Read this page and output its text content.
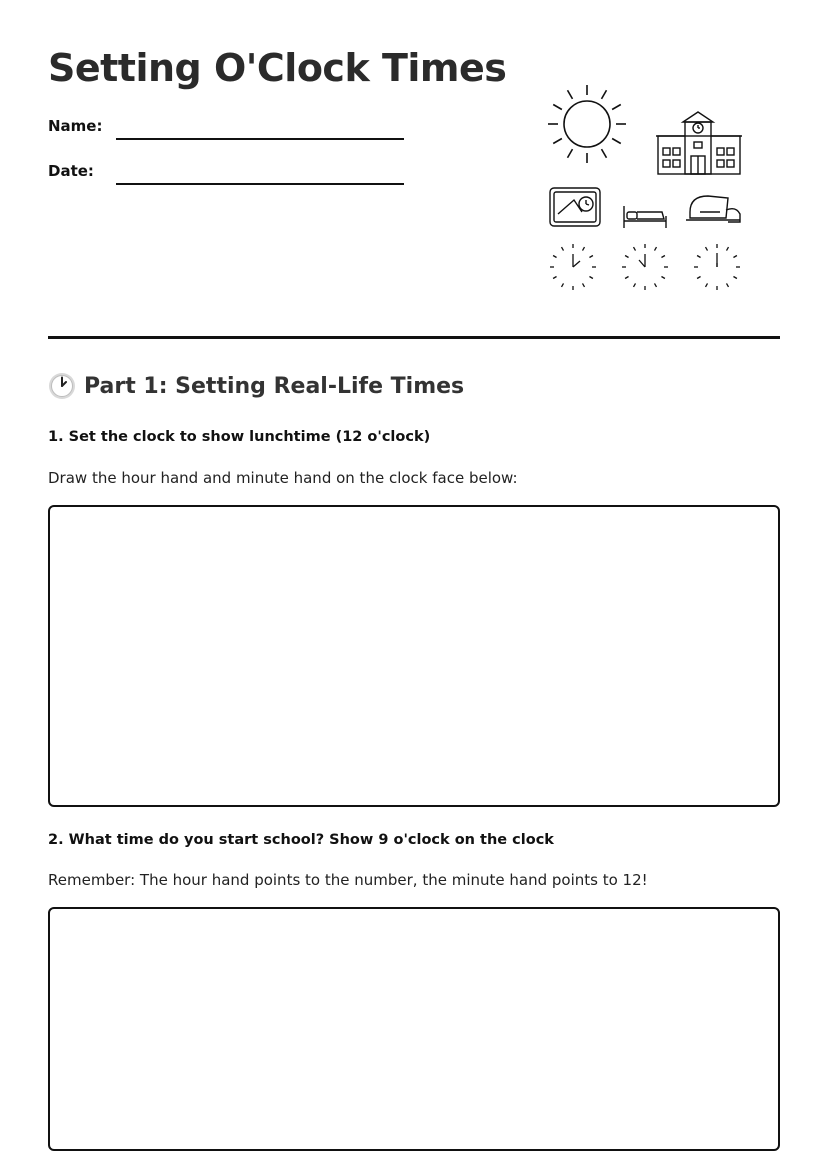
Setting O'Clock Times
Name:
Date:
Part 1: Setting Real-Life Times

1. Set the clock to show lunchtime (12 o'clock)

Draw the hour hand and minute hand on the clock face below:

2. What time do you start school? Show 9 o'clock on the clock

Remember: The hour hand points to the number, the minute hand points to 12!
